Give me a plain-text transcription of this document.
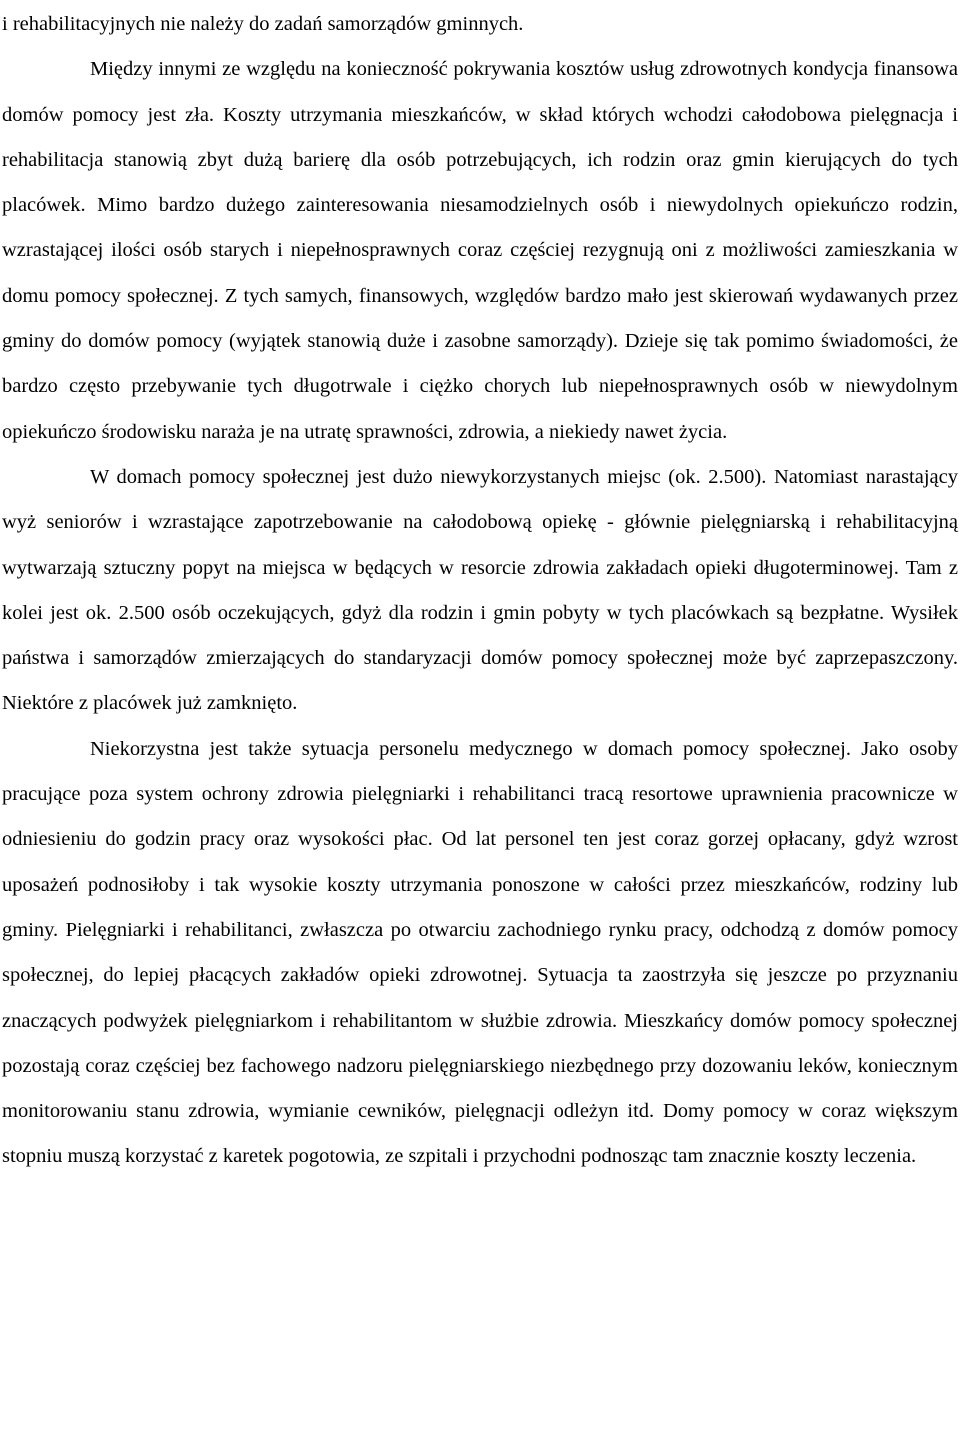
i rehabilitacyjnych nie należy do zadań samorządów gminnych.

Między innymi ze względu na konieczność pokrywania kosztów usług zdrowotnych kondycja finansowa domów pomocy jest zła. Koszty utrzymania mieszkańców, w skład których wchodzi całodobowa pielęgnacja i rehabilitacja stanowią zbyt dużą barierę dla osób potrzebujących, ich rodzin oraz gmin kierujących do tych placówek. Mimo bardzo dużego zainteresowania niesamodzielnych osób i niewydolnych opiekuńczo rodzin, wzrastającej ilości osób starych i niepełnosprawnych coraz częściej rezygnują oni z możliwości zamieszkania w domu pomocy społecznej. Z tych samych, finansowych, względów bardzo mało jest skierowań wydawanych przez gminy do domów pomocy (wyjątek stanowią duże i zasobne samorządy). Dzieje się tak pomimo świadomości, że bardzo często przebywanie tych długotrwale i ciężko chorych lub niepełnosprawnych osób w niewydolnym opiekuńczo środowisku naraża je na utratę sprawności, zdrowia, a niekiedy nawet życia.

W domach pomocy społecznej jest dużo niewykorzystanych miejsc (ok. 2.500). Natomiast narastający wyż seniorów i wzrastające zapotrzebowanie na całodobową opiekę - głównie pielęgniarską i rehabilitacyjną wytwarzają sztuczny popyt na miejsca w będących w resorcie zdrowia zakładach opieki długoterminowej. Tam z kolei jest ok. 2.500 osób oczekujących, gdyż dla rodzin i gmin pobyty w tych placówkach są bezpłatne. Wysiłek państwa i samorządów zmierzających do standaryzacji domów pomocy społecznej może być zaprzepaszczony. Niektóre z placówek już zamknięto.

Niekorzystna jest także sytuacja personelu medycznego w domach pomocy społecznej. Jako osoby pracujące poza system ochrony zdrowia pielęgniarki i rehabilitanci tracą resortowe uprawnienia pracownicze w odniesieniu do godzin pracy oraz wysokości płac. Od lat personel ten jest coraz gorzej opłacany, gdyż wzrost uposażeń podnosiłoby i tak wysokie koszty utrzymania ponoszone w całości przez mieszkańców, rodziny lub gminy. Pielęgniarki i rehabilitanci, zwłaszcza po otwarciu zachodniego rynku pracy, odchodzą z domów pomocy społecznej, do lepiej płacących zakładów opieki zdrowotnej. Sytuacja ta zaostrzyła się jeszcze po przyznaniu znaczących podwyżek pielęgniarkom i rehabilitantom w służbie zdrowia. Mieszkańcy domów pomocy społecznej pozostają coraz częściej bez fachowego nadzoru pielęgniarskiego niezbędnego przy dozowaniu leków, koniecznym monitorowaniu stanu zdrowia, wymianie cewników, pielęgnacji odleżyn itd. Domy pomocy w coraz większym stopniu muszą korzystać z karetek pogotowia, ze szpitali i przychodni podnosząc tam znacznie koszty leczenia.
